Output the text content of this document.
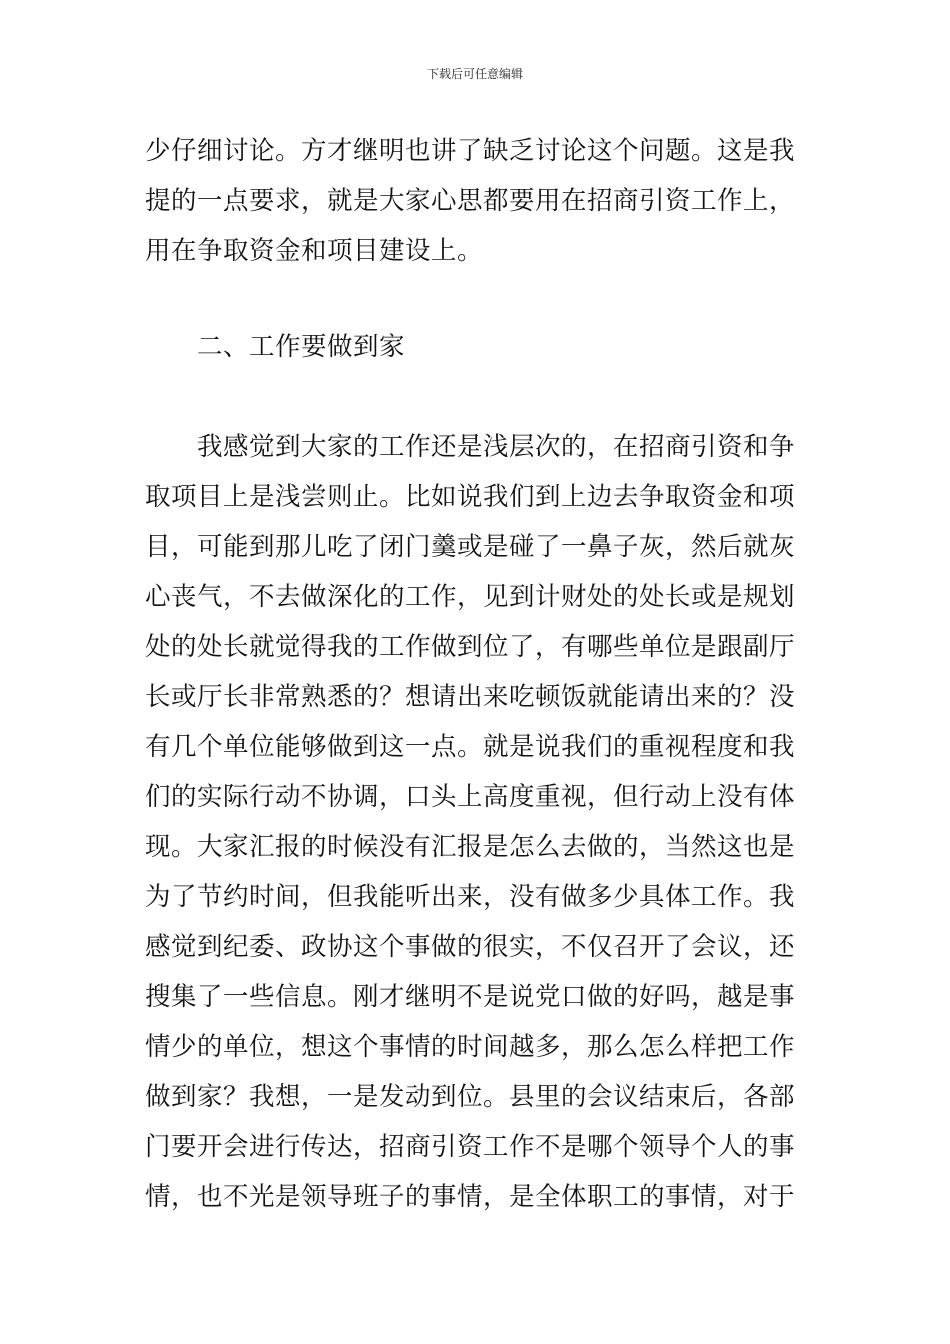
下载后可任意编辑
少仔细讨论。方才继明也讲了缺乏讨论这个问题。这是我
提的一点要求，就是大家心思都要用在招商引资工作上，
用在争取资金和项目建设上。
二、工作要做到家
我感觉到大家的工作还是浅层次的，在招商引资和争
取项目上是浅尝则止。比如说我们到上边去争取资金和项
目，可能到那儿吃了闭门羹或是碰了一鼻子灰，然后就灰
心丧气，不去做深化的工作，见到计财处的处长或是规划
处的处长就觉得我的工作做到位了，有哪些单位是跟副厅
长或厅长非常熟悉的？想请出来吃顿饭就能请出来的？没
有几个单位能够做到这一点。就是说我们的重视程度和我
们的实际行动不协调，口头上高度重视，但行动上没有体
现。大家汇报的时候没有汇报是怎么去做的，当然这也是
为了节约时间，但我能听出来，没有做多少具体工作。我
感觉到纪委、政协这个事做的很实，不仅召开了会议，还
搜集了一些信息。刚才继明不是说党口做的好吗，越是事
情少的单位，想这个事情的时间越多，那么怎么样把工作
做到家？我想，一是发动到位。县里的会议结束后，各部
门要开会进行传达，招商引资工作不是哪个领导个人的事
情，也不光是领导班子的事情，是全体职工的事情，对于
